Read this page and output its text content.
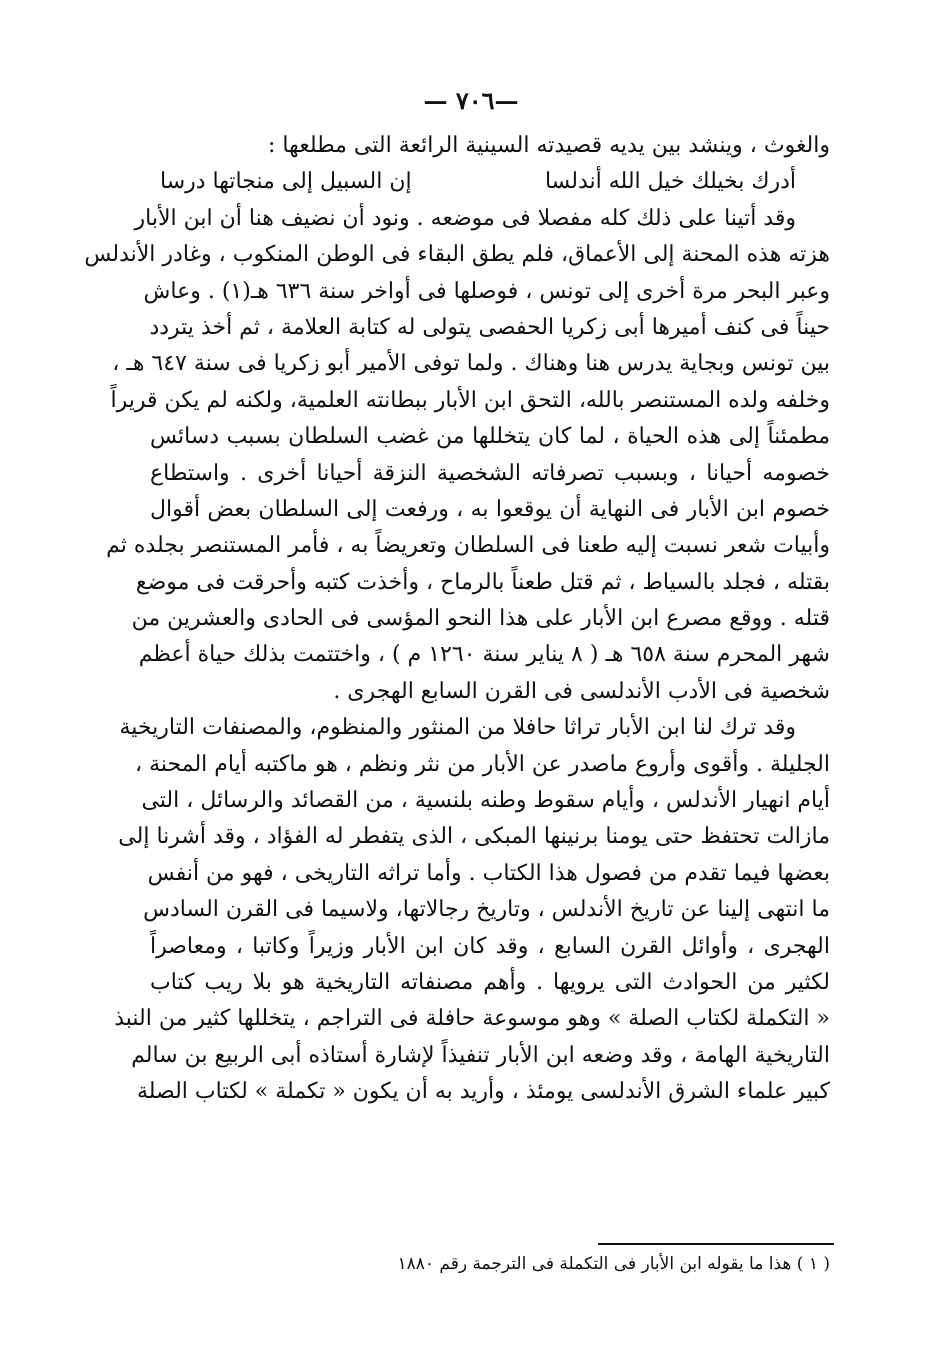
— ٧٠٦—
والغوث ، وينشد بين يديه قصيدته السينية الرائعة التى مطلعها :
أدرك بخيلك خيل الله أندلسا
إن السبيل إلى منجاتها درسا
وقد أتينا على ذلك كله مفصلا فى موضعه . ونود أن نضيف هنا أن ابن الأبار
هزته هذه المحنة إلى الأعماق، فلم يطق البقاء فى الوطن المنكوب ، وغادر الأندلس
وعبر البحر مرة أخرى إلى تونس ، فوصلها فى أواخر سنة ٦٣٦ هـ(١) . وعاش
حيناً فى كنف أميرها أبى زكريا الحفصى يتولى له كتابة العلامة ، ثم أخذ يتردد
بين تونس وبجاية يدرس هنا وهناك . ولما توفى الأمير أبو زكريا فى سنة ٦٤٧ هـ ،
وخلفه ولده المستنصر بالله، التحق ابن الأبار ببطانته العلمية، ولكنه لم يكن قريراً
مطمئناً إلى هذه الحياة ، لما كان يتخللها من غضب السلطان بسبب دسائس
خصومه أحيانا ، وبسبب تصرفاته الشخصية النزقة أحيانا أخرى . واستطاع
خصوم ابن الأبار فى النهاية أن يوقعوا به ، ورفعت إلى السلطان بعض أقوال
وأبيات شعر نسبت إليه طعنا فى السلطان وتعريضاً به ، فأمر المستنصر بجلده ثم
بقتله ، فجلد بالسياط ، ثم قتل طعناً بالرماح ، وأخذت كتبه وأحرقت فى موضع
قتله . ووقع مصرع ابن الأبار على هذا النحو المؤسى فى الحادى والعشرين من
شهر المحرم سنة ٦٥٨ هـ ( ٨ يناير سنة ١٢٦٠ م ) ، واختتمت بذلك حياة أعظم
شخصية فى الأدب الأندلسى فى القرن السابع الهجرى .
وقد ترك لنا ابن الأبار تراثا حافلا من المنثور والمنظوم، والمصنفات التاريخية
الجليلة . وأقوى وأروع ماصدر عن الأبار من نثر ونظم ، هو ماكتبه أيام المحنة ،
أيام انهيار الأندلس ، وأيام سقوط وطنه بلنسية ، من القصائد والرسائل ، التى
مازالت تحتفظ حتى يومنا برنينها المبكى ، الذى يتفطر له الفؤاد ، وقد أشرنا إلى
بعضها فيما تقدم من فصول هذا الكتاب . وأما تراثه التاريخى ، فهو من أنفس
ما انتهى إلينا عن تاريخ الأندلس ، وتاريخ رجالاتها، ولاسيما فى القرن السادس
الهجرى ، وأوائل القرن السابع ، وقد كان ابن الأبار وزيراً وكاتبا ، ومعاصراً
لكثير من الحوادث التى يرويها . وأهم مصنفاته التاريخية هو بلا ريب كتاب
« التكملة لكتاب الصلة » وهو موسوعة حافلة فى التراجم ، يتخللها كثير من النبذ
التاريخية الهامة ، وقد وضعه ابن الأبار تنفيذاً لإشارة أستاذه أبى الربيع بن سالم
كبير علماء الشرق الأندلسى يومئذ ، وأريد به أن يكون « تكملة » لكتاب الصلة
( ١ ) هذا ما يقوله ابن الأبار فى التكملة فى الترجمة رقم ١٨٨٠
